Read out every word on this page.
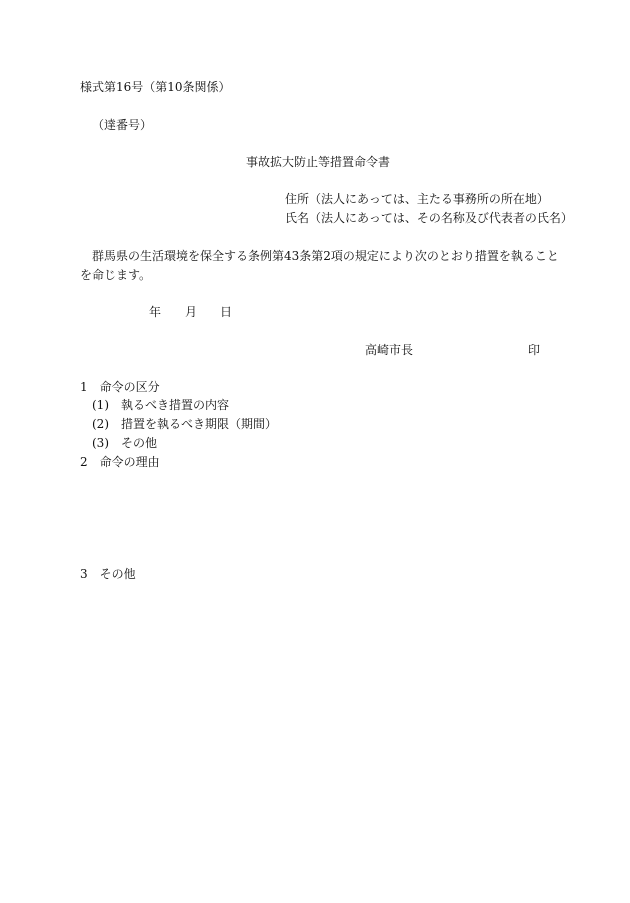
様式第16号（第10条関係）
（達番号）
事故拡大防止等措置命令書
住所（法人にあっては、主たる事務所の所在地）
氏名（法人にあっては、その名称及び代表者の氏名）
群馬県の生活環境を保全する条例第43条第2項の規定により次のとおり措置を執ること
を命じます。
年 月 日
高崎市長	印
1　命令の区分
(1)　執るべき措置の内容
(2)　措置を執るべき期限（期間）
(3)　その他
2　命令の理由
3　その他
